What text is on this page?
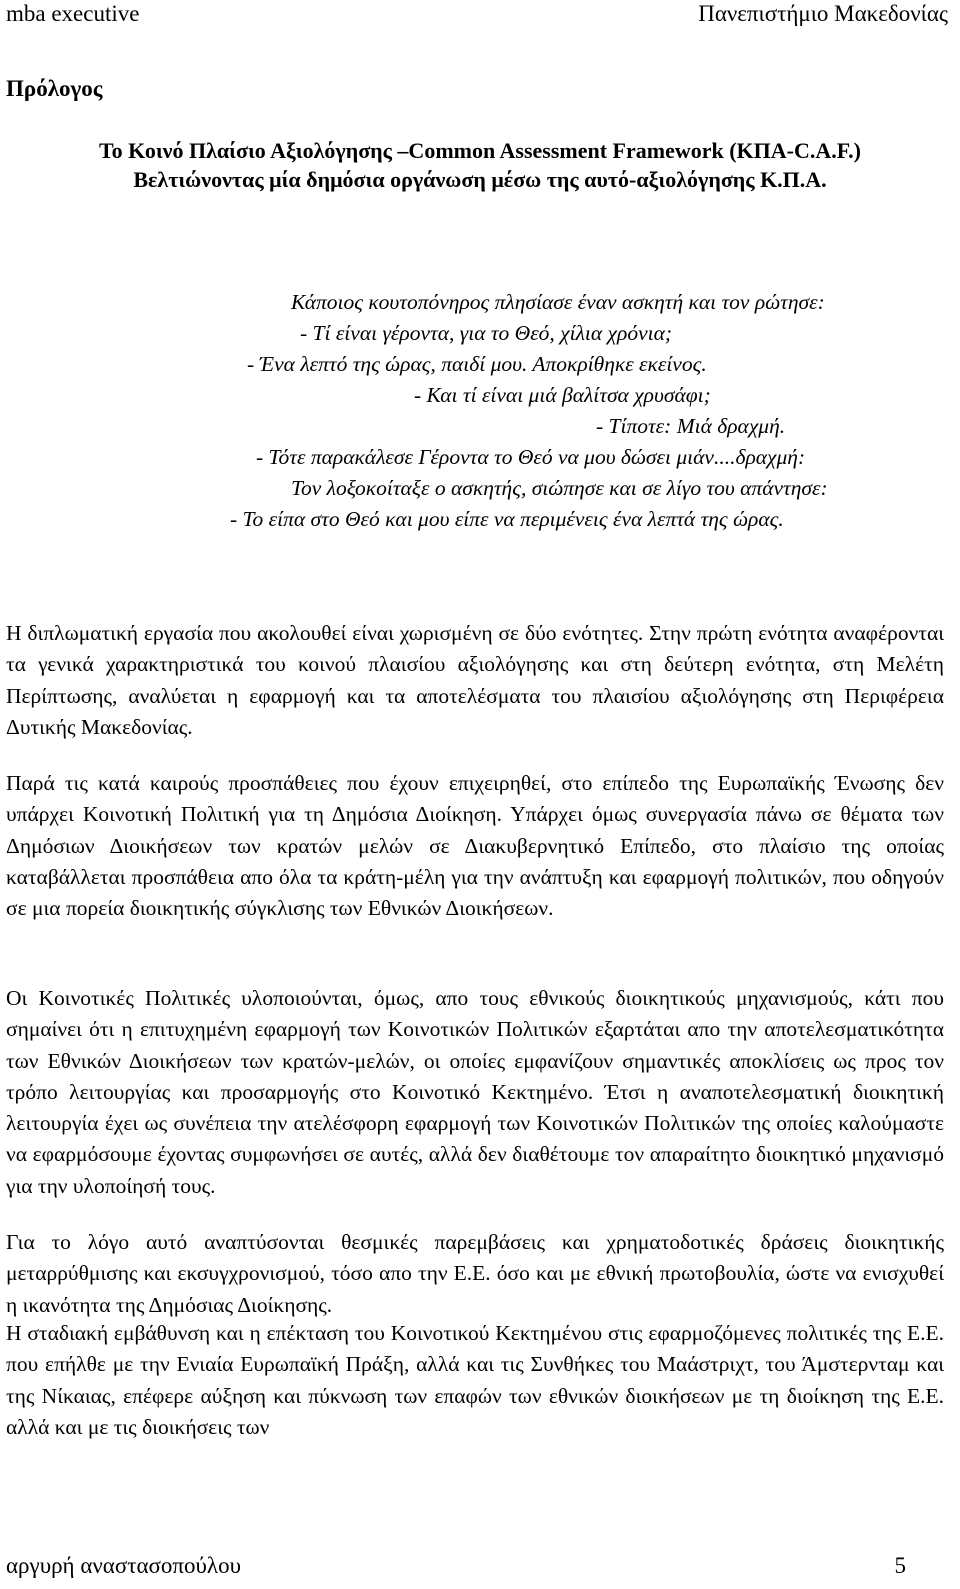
mba executive	Πανεπιστήμιο Μακεδονίας
Πρόλογος
Το Κοινό Πλαίσιο Αξιολόγησης –Common Assessment Framework (ΚΠΑ-C.A.F.)
Βελτιώνοντας μία δημόσια οργάνωση μέσω της αυτό-αξιολόγησης Κ.Π.Α.
Κάποιος κουτοπόνηρος πλησίασε έναν ασκητή και τον ρώτησε:
- Τί είναι γέροντα, για το Θεό, χίλια χρόνια;
- Ένα λεπτό της ώρας, παιδί μου. Αποκρίθηκε εκείνος.
- Και τί είναι μιά βαλίτσα χρυσάφι;
- Τίποτε: Μιά δραχμή.
- Τότε παρακάλεσε Γέροντα το Θεό να μου δώσει μιάν....δραχμή:
Τον λοξοκοίταξε ο ασκητής, σιώπησε και σε λίγο του απάντησε:
- Το είπα στο Θεό και μου είπε να περιμένεις ένα λεπτά της ώρας.

Η διπλωματική εργασία που ακολουθεί είναι χωρισμένη σε δύο ενότητες. Στην πρώτη ενότητα αναφέρονται τα γενικά χαρακτηριστικά του κοινού πλαισίου αξιολόγησης και στη δεύτερη ενότητα, στη Μελέτη Περίπτωσης, αναλύεται η εφαρμογή και τα αποτελέσματα του πλαισίου αξιολόγησης στη Περιφέρεια Δυτικής Μακεδονίας.

Παρά τις κατά καιρούς προσπάθειες που έχουν επιχειρηθεί, στο επίπεδο της Ευρωπαϊκής Ένωσης δεν υπάρχει Κοινοτική Πολιτική για τη Δημόσια Διοίκηση. Υπάρχει όμως συνεργασία πάνω σε θέματα των Δημόσιων Διοικήσεων των κρατών μελών σε Διακυβερνητικό Επίπεδο, στο πλαίσιο της οποίας καταβάλλεται προσπάθεια απο όλα τα κράτη-μέλη για την ανάπτυξη και εφαρμογή πολιτικών, που οδηγούν σε μια πορεία διοικητικής σύγκλισης των Εθνικών Διοικήσεων.

Οι Κοινοτικές Πολιτικές υλοποιούνται, όμως, απο τους εθνικούς διοικητικούς μηχανισμούς, κάτι που σημαίνει ότι η επιτυχημένη εφαρμογή των Κοινοτικών Πολιτικών εξαρτάται απο την αποτελεσματικότητα των Εθνικών Διοικήσεων των κρατών-μελών, οι οποίες εμφανίζουν σημαντικές αποκλίσεις ως προς τον τρόπο λειτουργίας και προσαρμογής στο Κοινοτικό Κεκτημένο. Έτσι η αναποτελεσματική διοικητική λειτουργία έχει ως συνέπεια την ατελέσφορη εφαρμογή των Κοινοτικών Πολιτικών της οποίες καλούμαστε να εφαρμόσουμε έχοντας συμφωνήσει σε αυτές, αλλά δεν διαθέτουμε τον απαραίτητο διοικητικό μηχανισμό για την υλοποίησή τους.

Για το λόγο αυτό αναπτύσονται θεσμικές παρεμβάσεις και χρηματοδοτικές δράσεις διοικητικής μεταρρύθμισης και εκσυγχρονισμού, τόσο απο την Ε.Ε. όσο και με εθνική πρωτοβουλία, ώστε να ενισχυθεί η ικανότητα της Δημόσιας Διοίκησης.

Η σταδιακή εμβάθυνση και η επέκταση του Κοινοτικού Κεκτημένου στις εφαρμοζόμενες πολιτικές της Ε.Ε. που επήλθε με την Ενιαία Ευρωπαϊκή Πράξη, αλλά και τις Συνθήκες του Μαάστριχτ, του Άμστερνταμ και της Νίκαιας, επέφερε αύξηση και πύκνωση των επαφών των εθνικών διοικήσεων με τη διοίκηση της Ε.Ε. αλλά και με τις διοικήσεις των

αργυρή αναστασοπούλου	5
